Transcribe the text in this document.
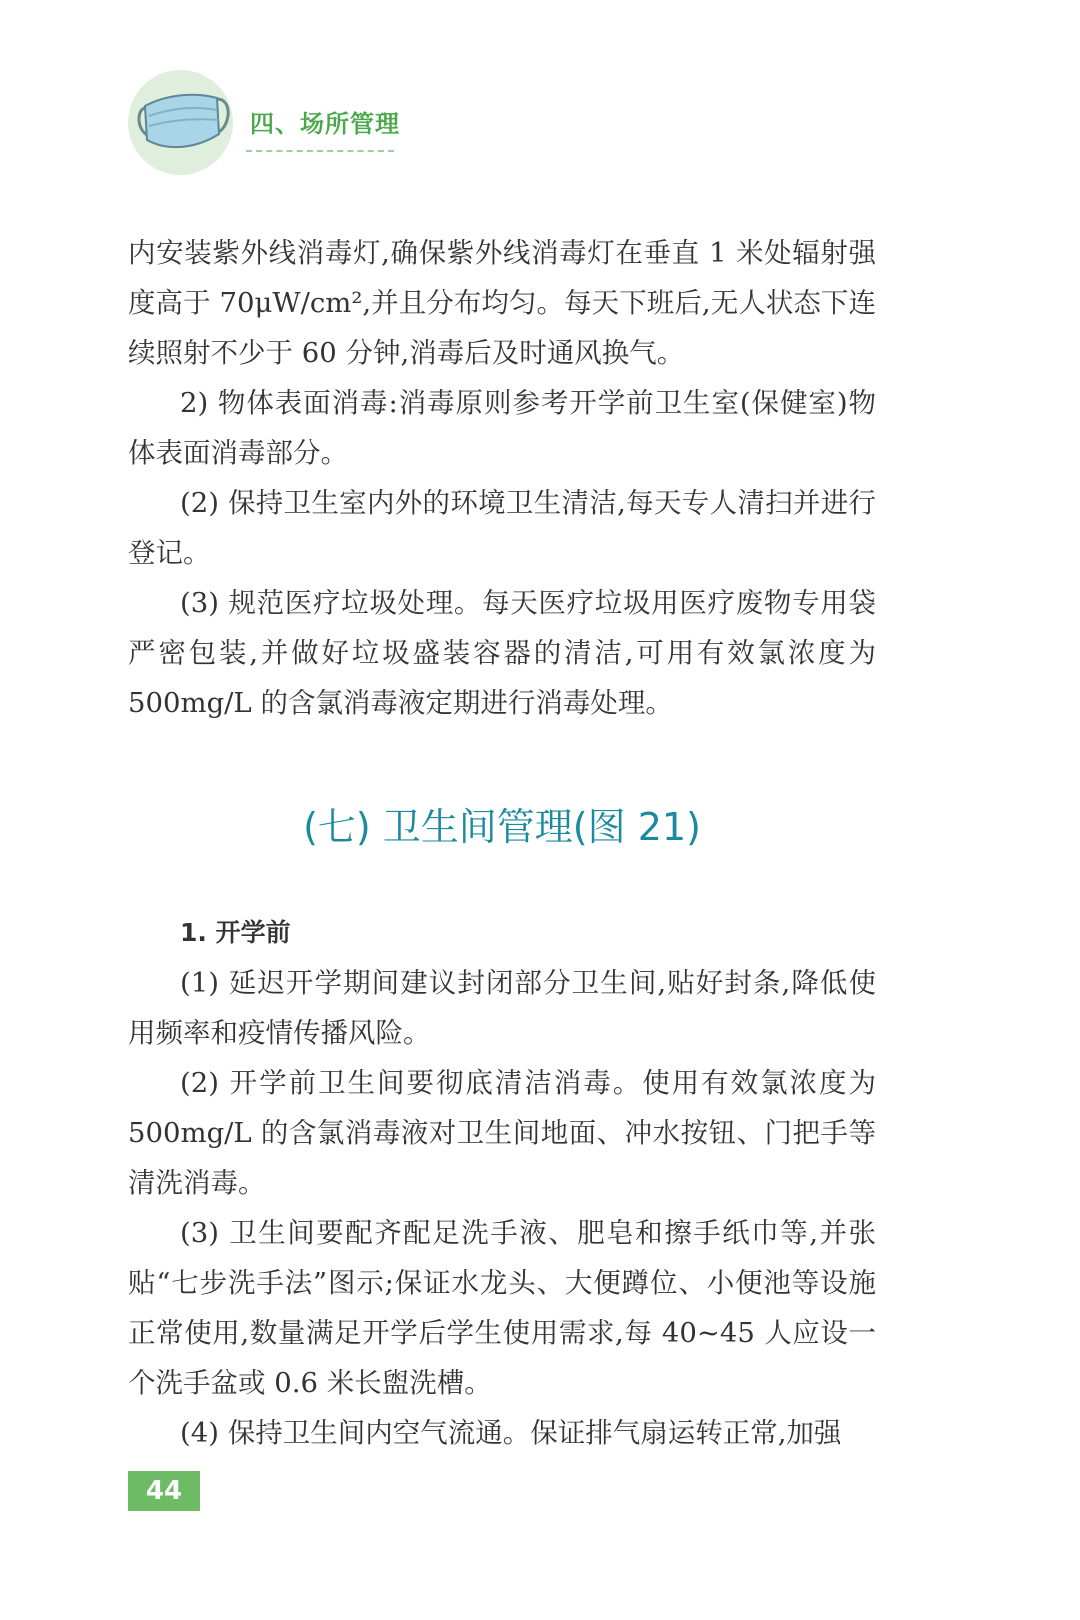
四、场所管理

内安装紫外线消毒灯,确保紫外线消毒灯在垂直 1 米处辐射强度高于 70μW/cm²,并且分布均匀。每天下班后,无人状态下连续照射不少于 60 分钟,消毒后及时通风换气。

2) 物体表面消毒:消毒原则参考开学前卫生室(保健室)物体表面消毒部分。

(2) 保持卫生室内外的环境卫生清洁,每天专人清扫并进行登记。

(3) 规范医疗垃圾处理。每天医疗垃圾用医疗废物专用袋严密包装,并做好垃圾盛装容器的清洁,可用有效氯浓度为 500mg/L 的含氯消毒液定期进行消毒处理。

(七) 卫生间管理(图 21)

1. 开学前

(1) 延迟开学期间建议封闭部分卫生间,贴好封条,降低使用频率和疫情传播风险。

(2) 开学前卫生间要彻底清洁消毒。使用有效氯浓度为 500mg/L 的含氯消毒液对卫生间地面、冲水按钮、门把手等清洗消毒。

(3) 卫生间要配齐配足洗手液、肥皂和擦手纸巾等,并张贴“七步洗手法”图示;保证水龙头、大便蹲位、小便池等设施正常使用,数量满足开学后学生使用需求,每 40~45 人应设一个洗手盆或 0.6 米长盥洗槽。

(4) 保持卫生间内空气流通。保证排气扇运转正常,加强

44
